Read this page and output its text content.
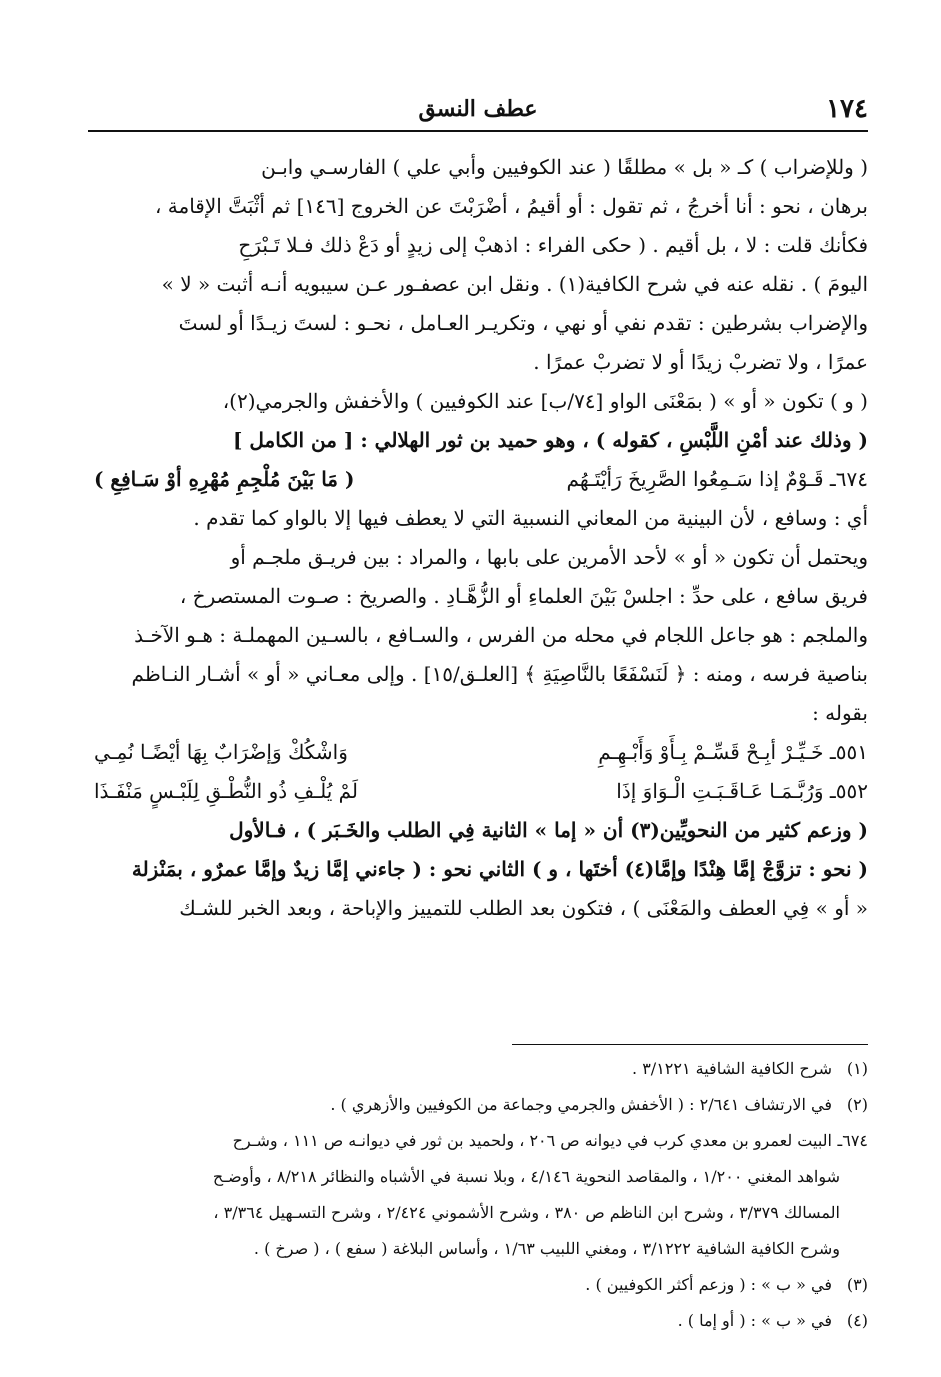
١٧٤
عطف النسق

( وللإضراب ) كـ « بل » مطلقًا ( عند الكوفيين وأبي علي ) الفارسـي وابـن
برهان ، نحو : أنا أخرجُ ، ثم تقول : أو أقيمُ ، أضْرَبْتَ عن الخروج [١٤٦] ثم أثْبَتَّ الإقامة ،
فكأنك قلت : لا ، بل أقيم . ( حكى الفراء : اذهبْ إلى زيدٍ أو دَعْ ذلك فـلا تَـبْرَحِ
اليومَ ) . نقله عنه في شرح الكافية(١) . ونقل ابن عصفـور عـن سيبويه أنـه أثبت « لا »
والإضراب بشرطين : تقدم نفي أو نهي ، وتكريـر العـامل ، نحـو : لستَ زيـدًا أو لستَ
عمرًا ، ولا تضربْ زيدًا أو لا تضربْ عمرًا .

( و ) تكون « أو » ( بمَعْنَى الواو [٧٤/ب] عند الكوفيين ) والأخفش والجرمي(٢)،
( وذلك عند أمْنِ اللَّبْسِ ، كقوله ) ، وهو حميد بن ثور الهلالي : [ من الكامل ]

٦٧٤ـ قَـوْمٌ إذا سَـمِعُوا الصَّرِيخَ رَأيْتَـهُم
( مَا بَيْنَ مُلْجِمِ مُهْرِهِ أوْ سَـافِعِ )

أي : وسافع ، لأن البينية من المعاني النسبية التي لا يعطف فيها إلا بالواو كما تقدم .

ويحتمل أن تكون « أو » لأحد الأمرين على بابها ، والمراد : بين فريـق ملجـم أو
فريق سافع ، على حدِّ : اجلسْ بَيْنَ العلماءِ أو الزُّهَّـادِ . والصريخ : صـوت المستصرخ ،
والملجم : هو جاعل اللجام في محله من الفرس ، والسـافع ، بالسـين المهملـة : هـو الآخـذ
بناصية فرسه ، ومنه : ﴿ لَنَسْفَعًا بالنَّاصِيَةِ ﴾ [العلـق/١٥] . وإلى معـاني « أو » أشـار النـاظم
بقوله :

٥٥١ـ خَـيِّـرْ أبِـحْ قَسِّـمْ بِـأَوْ وَأَبْـهِـمِ
وَاشْكُكْ وَإضْرَابٌ بِهَا أيْضًـا نُمِـي
٥٥٢ـ وَرُبَّـمَـا عَـاقَـبَـتِ الْـوَاوَ إذَا
لَمْ يُلْـفِ ذُو النُّطْـقِ لِلَبْـسٍ مَنْفَـذَا

( وزعم كثير من النحويِّين(٣) أن « إما » الثانية فِي الطلب والخَـبَر ) ، فـالأول
( نحو : تزوَّجْ إمَّا هِنْدًا وإمَّا(٤) أختَها ، و ) الثاني نحو : ( جاءني إمَّا زيدٌ وإمَّا عمرٌو ، بمَنْزلة
« أو » فِي العطف والمَعْنَى ) ، فتكون بعد الطلب للتمييز والإباحة ، وبعد الخبر للشـك

(١)شرح الكافية الشافية ٣/١٢٢١ .

(٢)في الارتشاف ٢/٦٤١ : ( الأخفش والجرمي وجماعة من الكوفيين والأزهري ) .

٦٧٤ـالبيت لعمرو بن معدي كرب في ديوانه ص ٢٠٦ ، ولحميد بن ثور في ديوانـه ص ١١١ ، وشـرح

شواهد المغني ١/٢٠٠ ، والمقاصد النحوية ٤/١٤٦ ، وبلا نسبة في الأشباه والنظائر ٨/٢١٨ ، وأوضـح

المسالك ٣/٣٧٩ ، وشرح ابن الناظم ص ٣٨٠ ، وشرح الأشموني ٢/٤٢٤ ، وشرح التسـهيل ٣/٣٦٤ ،

وشرح الكافية الشافية ٣/١٢٢٢ ، ومغني اللبيب ١/٦٣ ، وأساس البلاغة ( سفع ) ، ( صرخ ) .

(٣)في « ب » : ( وزعم أكثر الكوفيين ) .

(٤)في « ب » : ( أو إما ) .
